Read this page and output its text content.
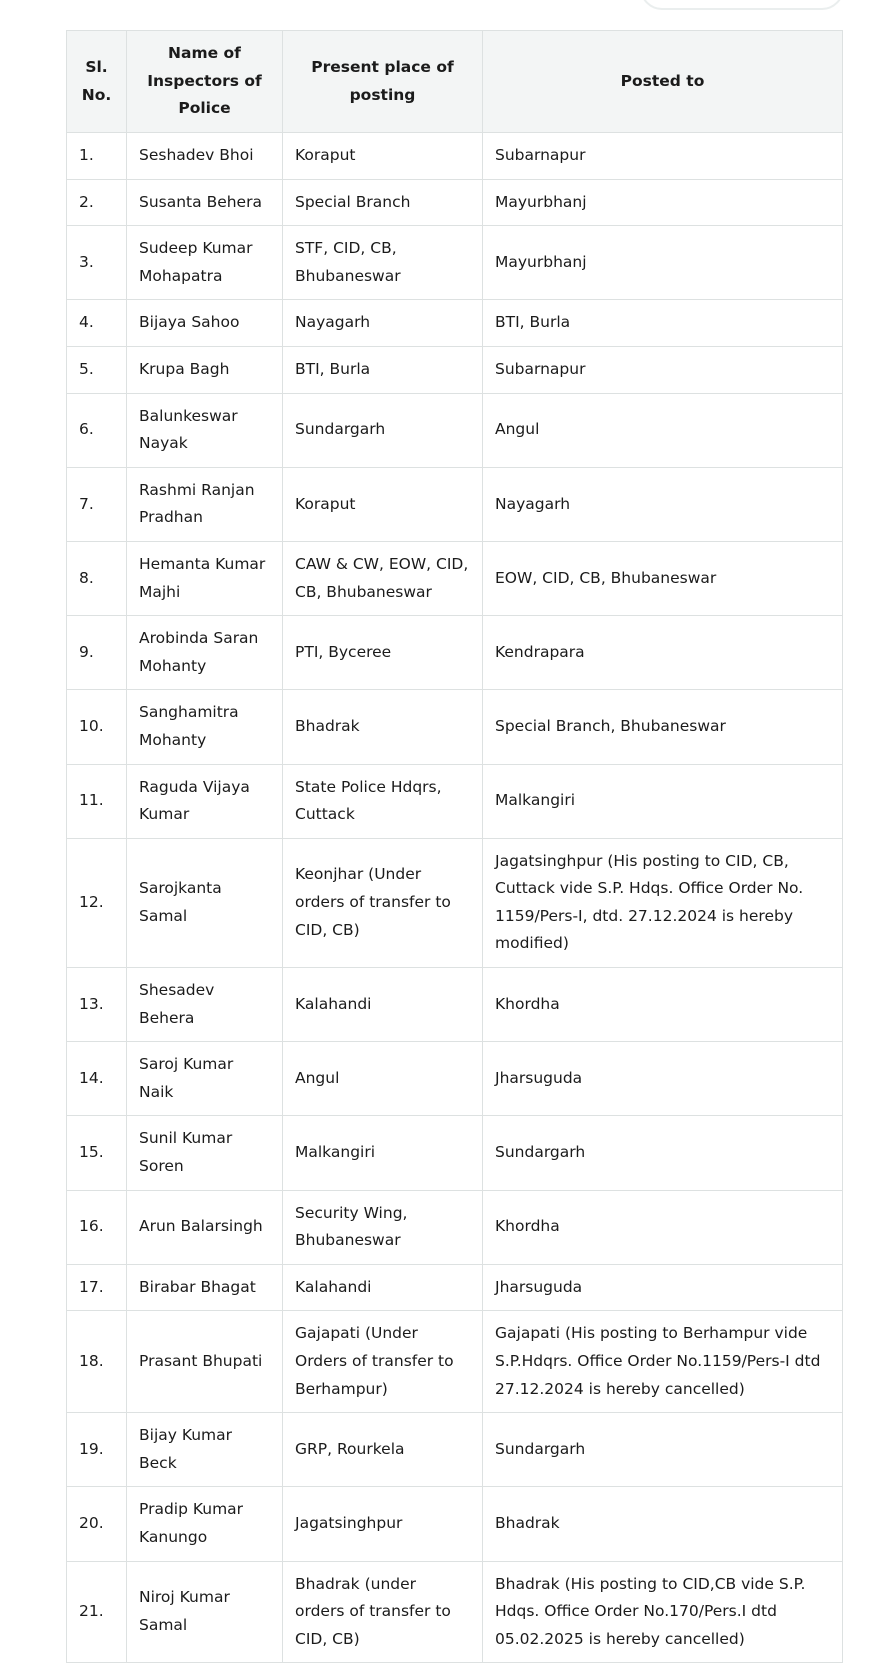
Sl. No.	Name of Inspectors of Police	Present place of posting	Posted to
1.	Seshadev Bhoi	Koraput	Subarnapur
2.	Susanta Behera	Special Branch	Mayurbhanj
3.	Sudeep Kumar Mohapatra	STF, CID, CB, Bhubaneswar	Mayurbhanj
4.	Bijaya Sahoo	Nayagarh	BTI, Burla
5.	Krupa Bagh	BTI, Burla	Subarnapur
6.	Balunkeswar Nayak	Sundargarh	Angul
7.	Rashmi Ranjan Pradhan	Koraput	Nayagarh
8.	Hemanta Kumar Majhi	CAW & CW, EOW, CID, CB, Bhubaneswar	EOW, CID, CB, Bhubaneswar
9.	Arobinda Saran Mohanty	PTI, Byceree	Kendrapara
10.	Sanghamitra Mohanty	Bhadrak	Special Branch, Bhubaneswar
11.	Raguda Vijaya Kumar	State Police Hdqrs, Cuttack	Malkangiri
12.	Sarojkanta Samal	Keonjhar (Under orders of transfer to CID, CB)	Jagatsinghpur (His posting to CID, CB, Cuttack vide S.P. Hdqs. Office Order No. 1159/Pers-I, dtd. 27.12.2024 is hereby modified)
13.	Shesadev Behera	Kalahandi	Khordha
14.	Saroj Kumar Naik	Angul	Jharsuguda
15.	Sunil Kumar Soren	Malkangiri	Sundargarh
16.	Arun Balarsingh	Security Wing, Bhubaneswar	Khordha
17.	Birabar Bhagat	Kalahandi	Jharsuguda
18.	Prasant Bhupati	Gajapati (Under Orders of transfer to Berhampur)	Gajapati (His posting to Berhampur vide S.P.Hdqrs. Office Order No.1159/Pers-I dtd 27.12.2024 is hereby cancelled)
19.	Bijay Kumar Beck	GRP, Rourkela	Sundargarh
20.	Pradip Kumar Kanungo	Jagatsinghpur	Bhadrak
21.	Niroj Kumar Samal	Bhadrak (under orders of transfer to CID, CB)	Bhadrak (His posting to CID,CB vide S.P. Hdqs. Office Order No.170/Pers.I dtd 05.02.2025 is hereby cancelled)
